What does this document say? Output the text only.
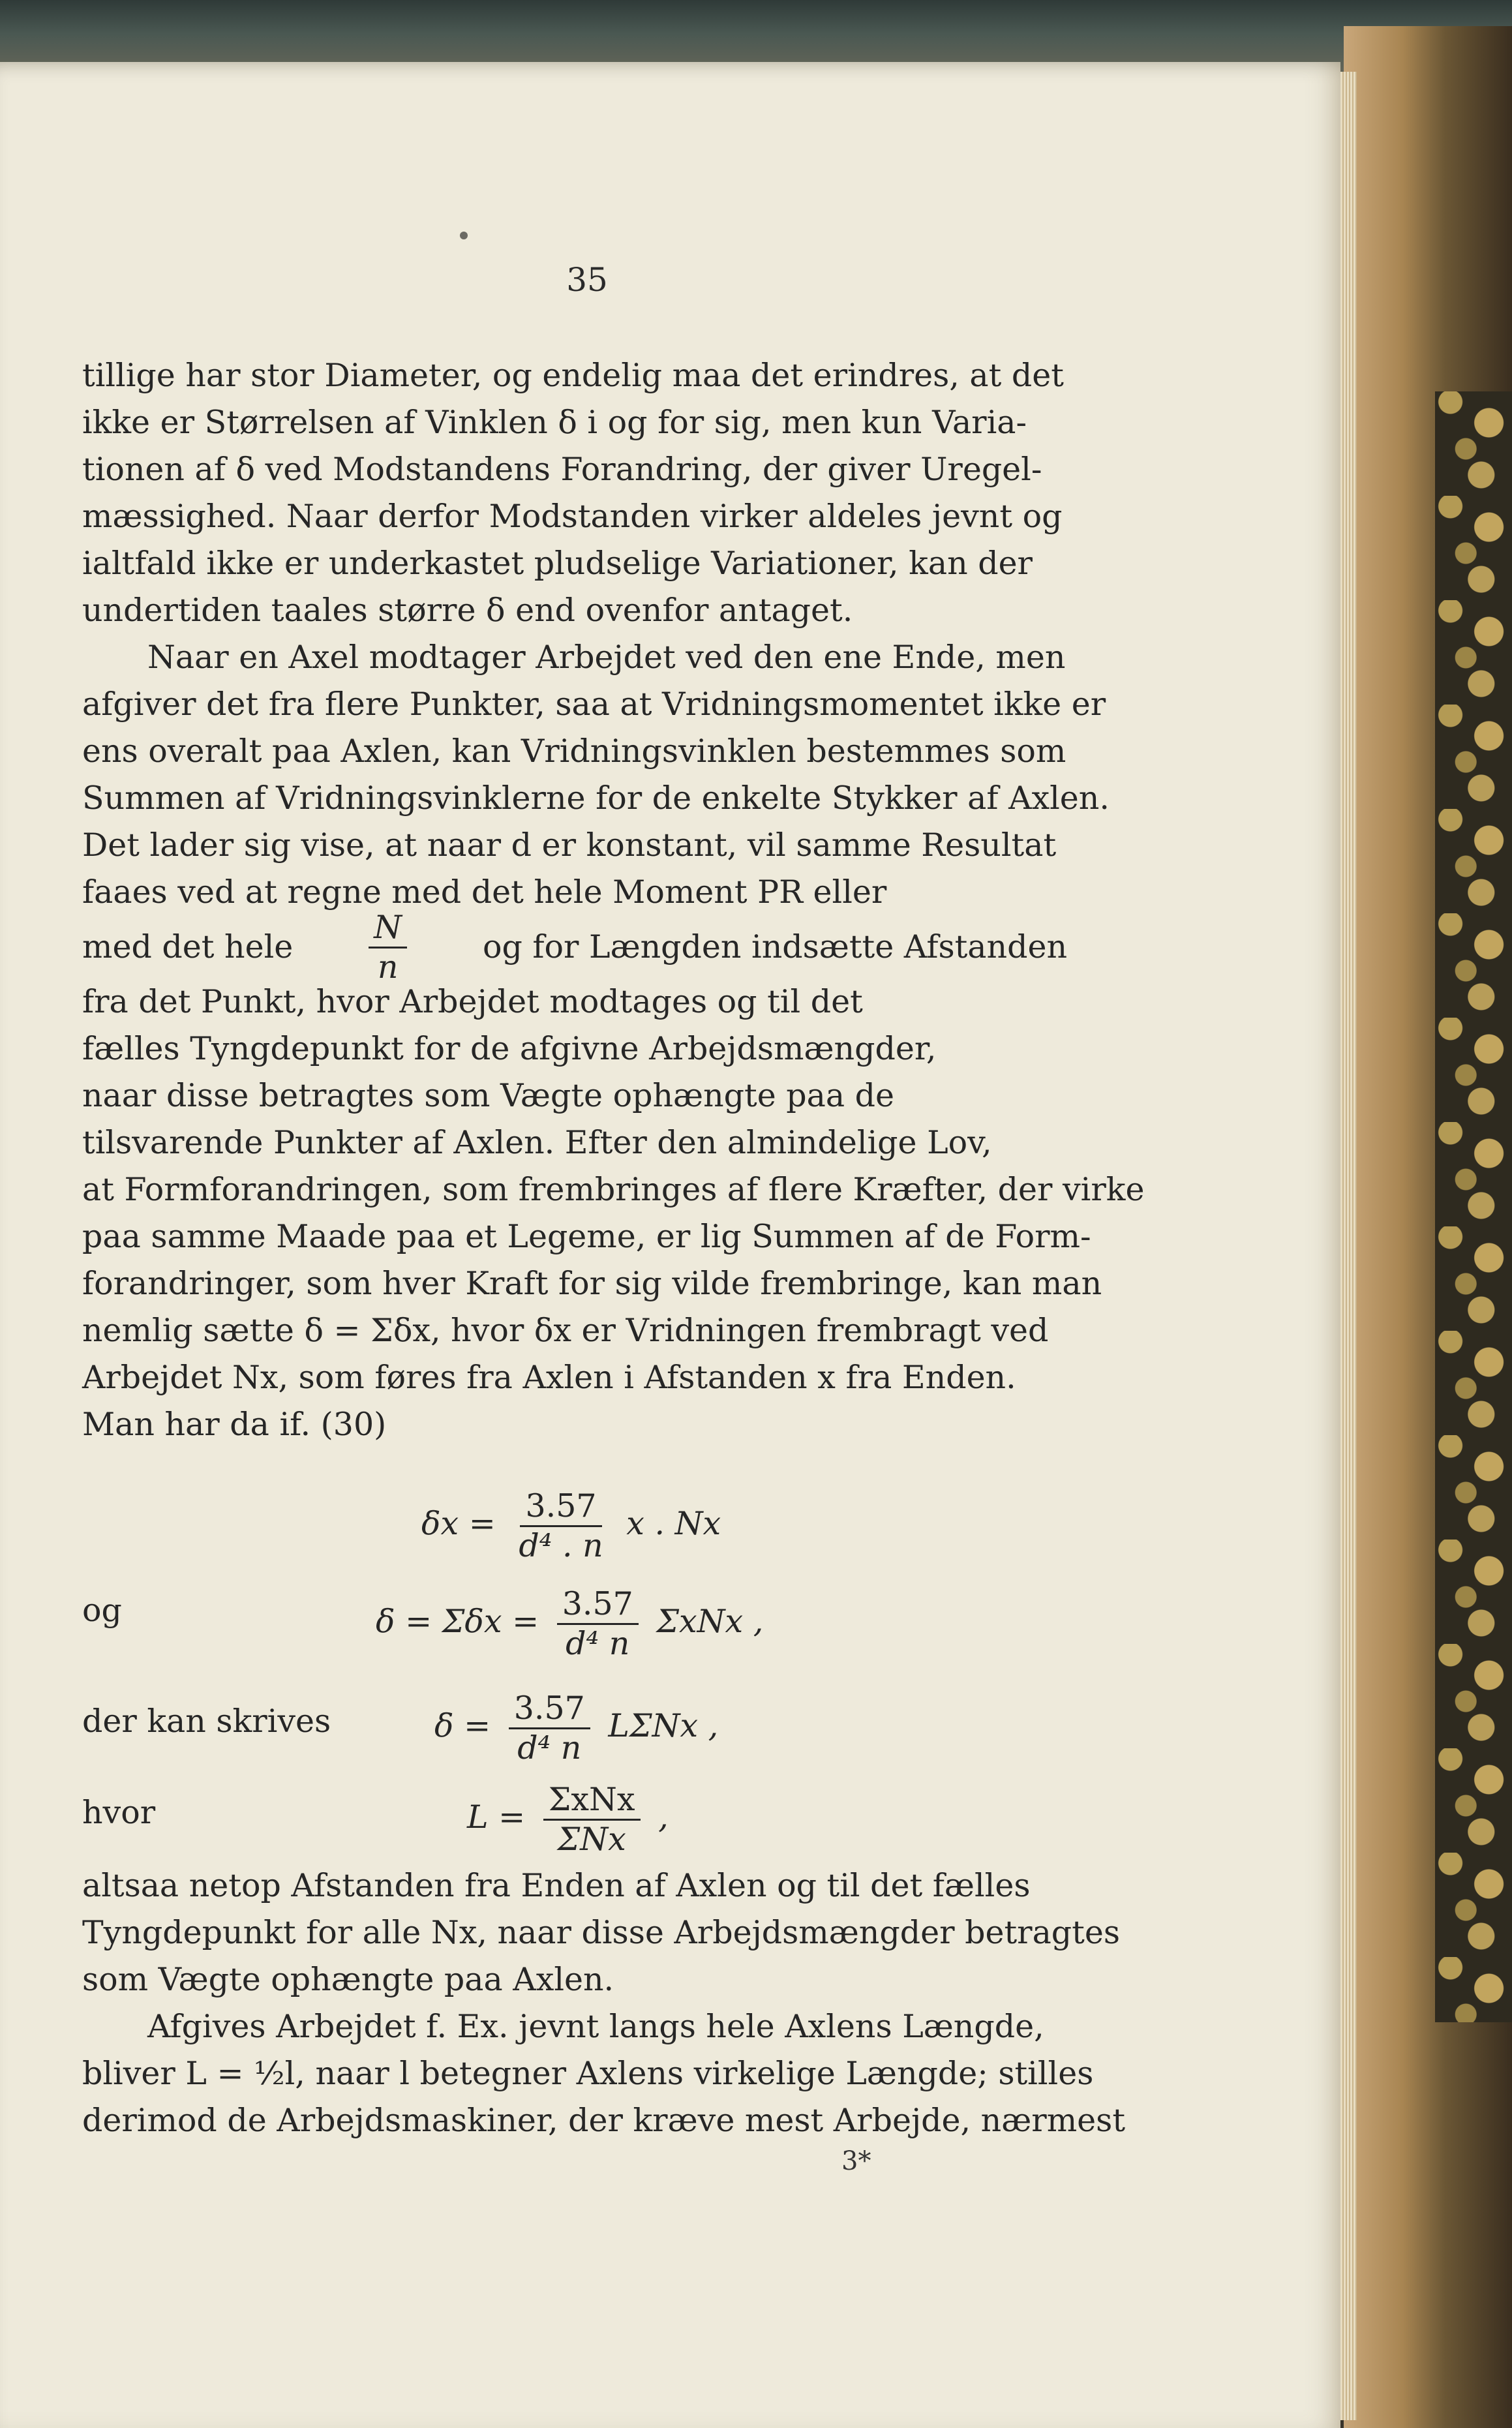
35
tillige har stor Diameter, og endelig maa det erindres, at det
ikke er Størrelsen af Vinklen δ i og for sig, men kun Varia-
tionen af δ ved Modstandens Forandring, der giver Uregel-
mæssighed. Naar derfor Modstanden virker aldeles jevnt og
ialtfald ikke er underkastet pludselige Variationer, kan der
undertiden taales større δ end ovenfor antaget.
Naar en Axel modtager Arbejdet ved den ene Ende, men
afgiver det fra flere Punkter, saa at Vridningsmomentet ikke er
ens overalt paa Axlen, kan Vridningsvinklen bestemmes som
Summen af Vridningsvinklerne for de enkelte Stykker af Axlen.
Det lader sig vise, at naar d er konstant, vil samme Resultat
faaes ved at regne med det hele Moment PR eller
med det hele $\frac{N}{n}$ og for Længden indsætte Afstanden
fra det Punkt, hvor Arbejdet modtages og til det
fælles Tyngdepunkt for de afgivne Arbejdsmængder,
naar disse betragtes som Vægte ophængte paa de
tilsvarende Punkter af Axlen. Efter den almindelige Lov,
at Formforandringen, som frembringes af flere Kræfter, der virke
paa samme Maade paa et Legeme, er lig Summen af de Form-
forandringer, som hver Kraft for sig vilde frembringe, kan man
nemlig sætte δ = Σδx, hvor δx er Vridningen frembragt ved
Arbejdet Nx, som føres fra Axlen i Afstanden x fra Enden.
Man har da if. (30)
$\delta x = \frac{3.57}{\text{d⁴ . n}}$ x . Nx
og	$\delta = \Sigma\delta x = \frac{3.57}{\text{d⁴ n}}$ ΣxNx ,
der kan skrives	$\delta = \frac{3.57}{\text{d⁴ n}}$ LΣNx ,
hvor	$L = \frac{\text{ΣxNx}}{\text{ΣNx}}$ ,
altsaa netop Afstanden fra Enden af Axlen og til det fælles
Tyngdepunkt for alle Nx, naar disse Arbejdsmængder betragtes
som Vægte ophængte paa Axlen.
Afgives Arbejdet f. Ex. jevnt langs hele Axlens Længde,
bliver L = ½l, naar l betegner Axlens virkelige Længde; stilles
derimod de Arbejdsmaskiner, der kræve mest Arbejde, nærmest
3*
